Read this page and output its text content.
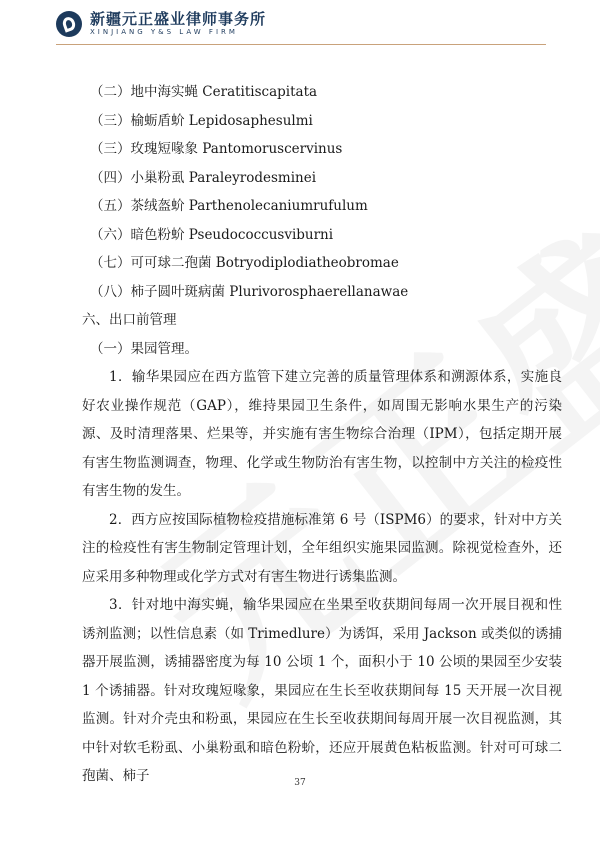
新疆元正盛业律师事务所
XINJIANG Y&S LAW FIRM
（二）地中海实蝇 Ceratitiscapitata
（三）榆蛎盾蚧 Lepidosaphesulmi
（三）玫瑰短喙象 Pantomoruscervinus
（四）小巢粉虱 Paraleyrodesminei
（五）茶绒盔蚧 Parthenolecaniumrufulum
（六）暗色粉蚧 Pseudococcusviburni
（七）可可球二孢菌 Botryodiplodiatheobromae
（八）柿子圆叶斑病菌 Plurivorosphaerellanawae
六、出口前管理
（一）果园管理。

1．输华果园应在西方监管下建立完善的质量管理体系和溯源体系，实施良好农业操作规范（GAP），维持果园卫生条件，如周围无影响水果生产的污染源、及时清理落果、烂果等，并实施有害生物综合治理（IPM），包括定期开展有害生物监测调查，物理、化学或生物防治有害生物，以控制中方关注的检疫性有害生物的发生。

2．西方应按国际植物检疫措施标准第 6 号（ISPM6）的要求，针对中方关注的检疫性有害生物制定管理计划，全年组织实施果园监测。除视觉检查外，还应采用多种物理或化学方式对有害生物进行诱集监测。

3．针对地中海实蝇，输华果园应在坐果至收获期间每周一次开展目视和性诱剂监测；以性信息素（如 Trimedlure）为诱饵，采用 Jackson 或类似的诱捕器开展监测，诱捕器密度为每 10 公顷 1 个，面积小于 10 公顷的果园至少安装 1 个诱捕器。针对玫瑰短喙象，果园应在生长至收获期间每 15 天开展一次目视监测。针对介壳虫和粉虱，果园应在生长至收获期间每周开展一次目视监测，其中针对软毛粉虱、小巢粉虱和暗色粉蚧，还应开展黄色粘板监测。针对可可球二孢菌、柿子	37
